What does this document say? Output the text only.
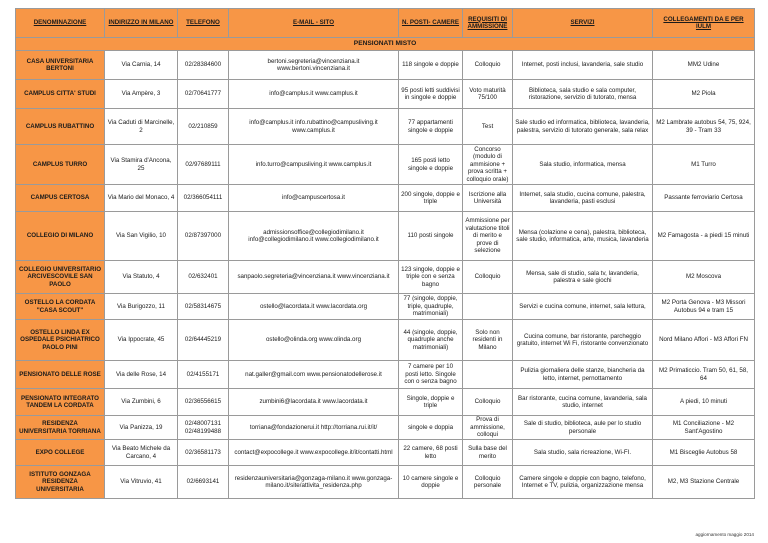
DENOMINAZIONE	INDIRIZZO IN MILANO	TELEFONO	E-MAIL - SITO	N. POSTI- CAMERE	REQUISITI DI AMMISSIONE	SERVIZI	COLLEGAMENTI DA E PER IULM
PENSIONATI MISTO							
CASA UNIVERSITARIA BERTONI	Via Carnia, 14	02/28384600	bertoni.segreteria@vincenziana.it www.bertoni.vincenziana.it	118 singole e doppie	Colloquio	Internet, posti inclusi, lavanderia, sale studio	MM2 Udine
CAMPLUS CITTA' STUDI	Via Ampère, 3	02/70641777	info@camplus.it www.camplus.it	95 posti letti suddivisi in singole e doppie	Voto maturità 75/100	Biblioteca, sala studio e sala computer, ristorazione, servizio di tutorato, mensa	M2 Piola
CAMPLUS RUBATTINO	Via Caduti di Marcinelle, 2	02/210859	info@camplus.it info.rubattino@campusliving.it www.camplus.it	77 appartamenti singole e doppie	Test	Sale studio ed informatica, biblioteca, lavanderia, palestra, servizio di tutorato generale, sala relax	M2 Lambrate autobus 54, 75, 924, 39 - Tram 33
CAMPLUS TURRO	Via Stamira d'Ancona, 25	02/97689111	info.turro@campusliving.it www.camplus.it	165 posti letto singole e doppie	Concorso (modulo di ammisione + prova scritta + colloquio orale)	Sala studio, informatica, mensa	M1 Turro
CAMPUS CERTOSA	Via Mario del Monaco, 4	02/366054111	info@campuscertosa.it	200 singole, doppie e triple	Iscrizione alla Università	Internet, sala studio, cucina comune, palestra, lavanderia, pasti esclusi	Passante ferroviario Certosa
COLLEGIO DI MILANO	Via San Vigilio, 10	02/87397000	admissionsoffice@collegiodimilano.it info@collegiodimilano.it www.collegiodimilano.it	110 posti singole	Ammissione per valutazione titoli di merito e prove di selezione	Mensa (colazione e cena), palestra, biblioteca, sale studio, informatica, arte, musica, lavanderia	M2 Famagosta - a piedi 15 minuti
COLLEGIO UNIVERSITARIO ARCIVESCOVILE SAN PAOLO	Via Statuto, 4	02/632401	sanpaolo.segreteria@vincenziana.it www.vincenziana.it	123 singole, doppie e triple con e senza bagno	Colloquio	Mensa, sale di studio, sala tv, lavanderia, palestra e sale giochi	M2 Moscova
OSTELLO LA CORDATA "CASA SCOUT"	Via Burigozzo, 11	02/58314675	ostello@lacordata.it www.lacordata.org	77 (singole, doppie, triple, quadruple, matrimoniali)		Servizi e cucina comune, internet, sala lettura,	M2 Porta Genova - M3 Missori Autobus 94 e tram 15
OSTELLO LINDA EX OSPEDALE PSICHIATRICO PAOLO PINI	Via Ippocrate, 45	02/64445219	ostello@olinda.org www.olinda.org	44 (singole, doppie, quadruple anche matrimoniali)	Solo non residenti in Milano	Cucina comune, bar ristorante, parcheggio gratuito, internet Wi Fi, ristorante convenzionato	Nord Milano Affori - M3 Affori FN
PENSIONATO DELLE ROSE	Via delle Rose, 14	02/4155171	nat.galler@gmail.com www.pensionatodellerose.it	7 camere per 10 posti letto. Singole con o senza bagno		Pulizia giornaliera delle stanze, biancheria da letto, internet, pernottamento	M2 Primaticcio. Tram 50, 61, 58, 64
PENSIONATO INTEGRATO TANDEM LA CORDATA	Via Zumbini, 6	02/36556615	zumbini6@lacordata.it www.lacordata.it	Singole, doppie e triple	Colloquio	Bar ristorante, cucina comune, lavanderia, sala studio, internet	A piedi, 10 minuti
RESIDENZA UNIVERSITARIA TORRIANA	Via Panizza, 19	02/48007131 02/48199488	torriana@fondazionerui.it http://torriana.rui.it/it/	singole e doppia	Prova di ammissione, colloqui	Sale di studio, biblioteca, aule per lo studio personale	M1 Conciliazione - M2 Sant'Agostino
EXPO COLLEGE	Via Beato Michele da Carcano, 4	02/36581173	contact@expocollege.it www.expocollege.it/it/contatti.html	22 camere, 68 posti letto	Sulla base del merito	Sala studio, sala ricreazione, Wi-FI.	M1 Bisceglie Autobus 58
ISTITUTO GONZAGA RESIDENZA UNIVERSITARIA	Via Vitruvio, 41	02/6693141	residenzauniversitaria@gonzaga-milano.it www.gonzaga-milano.it/site/attivita_residenza.php	10 camere singole e doppie	Colloquio personale	Camere singole e doppie con bagno, telefono, Internet e TV, pulizia, organizzazione mensa	M2, M3 Stazione Centrale
aggiornamento maggio 2014
